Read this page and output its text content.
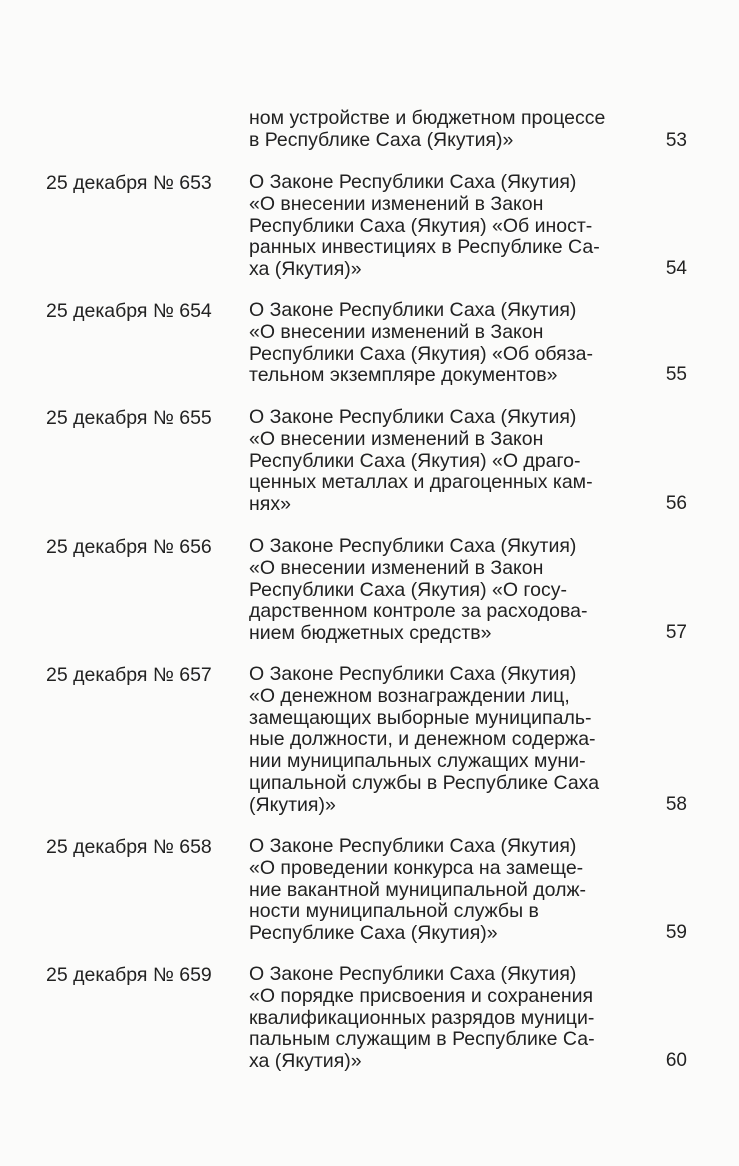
ном устройстве и бюджетном процессе
в Республике Саха (Якутия)»	53
25 декабря № 653 О Законе Республики Саха (Якутия)
«О внесении изменений в Закон
Республики Саха (Якутия) «Об иност-
ранных инвестициях в Республике Са-
ха (Якутия)»	54
25 декабря № 654 О Законе Республики Саха (Якутия)
«О внесении изменений в Закон
Республики Саха (Якутия) «Об обяза-
тельном экземпляре документов»	55
25 декабря № 655 О Законе Республики Саха (Якутия)
«О внесении изменений в Закон
Республики Саха (Якутия) «О драго-
ценных металлах и драгоценных кам-
нях»	56
25 декабря № 656 О Законе Республики Саха (Якутия)
«О внесении изменений в Закон
Республики Саха (Якутия) «О госу-
дарственном контроле за расходова-
нием бюджетных средств»	57
25 декабря № 657 О Законе Республики Саха (Якутия)
«О денежном вознаграждении лиц,
замещающих выборные муниципаль-
ные должности, и денежном содержа-
нии муниципальных служащих муни-
ципальной службы в Республике Саха
(Якутия)»	58
25 декабря № 658 О Законе Республики Саха (Якутия)
«О проведении конкурса на замеще-
ние вакантной муниципальной долж-
ности муниципальной службы в
Республике Саха (Якутия)»	59
25 декабря № 659 О Законе Республики Саха (Якутия)
«О порядке присвоения и сохранения
квалификационных разрядов муници-
пальным служащим в Республике Са-
ха (Якутия)»	60
